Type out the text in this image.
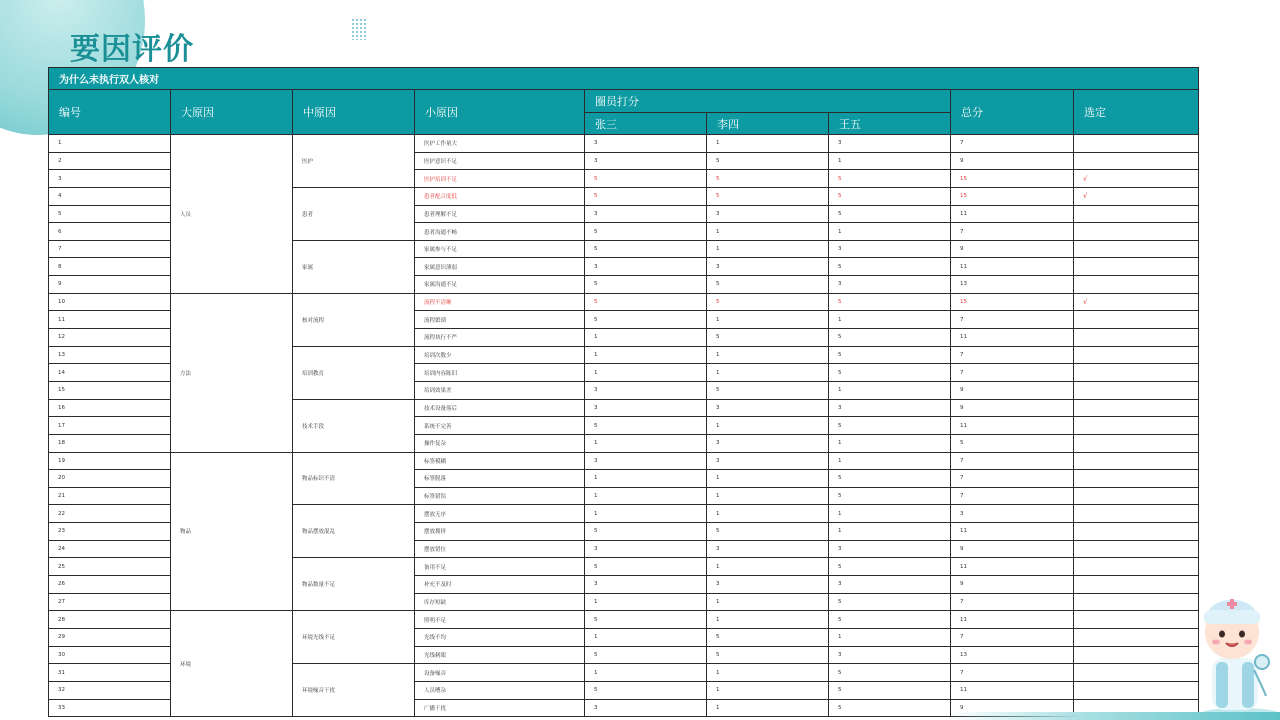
要因评价
为什么未执行双人核对								
编号	大原因	中原因	小原因	圈员打分			总分	选定
				张三	李四	王五		
1	人员	医护	医护工作量大	3	1	3	7	
2			医护意识不足	3	5	1	9	
3			医护培训不足	5	5	5	15	√
4		患者	患者配合度低	5	5	5	15	√
5			患者理解不足	3	3	5	11	
6			患者沟通不畅	5	1	1	7	
7		家属	家属参与不足	5	1	3	9	
8			家属意识薄弱	3	3	5	11	
9			家属沟通不足	5	5	3	13	
10	方法	核对流程	流程不清晰	5	5	5	15	√
11			流程繁琐	5	1	1	7	
12			流程执行不严	1	5	5	11	
13		培训教育	培训次数少	1	1	5	7	
14			培训内容陈旧	1	1	5	7	
15			培训效果差	3	5	1	9	
16		技术手段	技术设备落后	3	3	3	9	
17			系统不完善	5	1	5	11	
18			操作复杂	1	3	1	5	
19	物品	物品标识不清	标签模糊	3	3	1	7	
20			标签脱落	1	1	5	7	
21			标签错误	1	1	5	7	
22		物品摆放混乱	摆放无序	1	1	1	3	
23			摆放拥挤	5	5	1	11	
24			摆放错位	3	3	3	9	
25		物品数量不足	备用不足	5	1	5	11	
26			补充不及时	3	3	3	9	
27			库存短缺	1	1	5	7	
28	环境	环境光线不足	照明不足	5	1	5	11	
29			光线不均	1	5	1	7	
30			光线刺眼	5	5	3	13	
31		环境噪音干扰	设备噪音	1	1	5	7	
32			人员嘈杂	5	1	5	11	
33			广播干扰	3	1	5	9	
